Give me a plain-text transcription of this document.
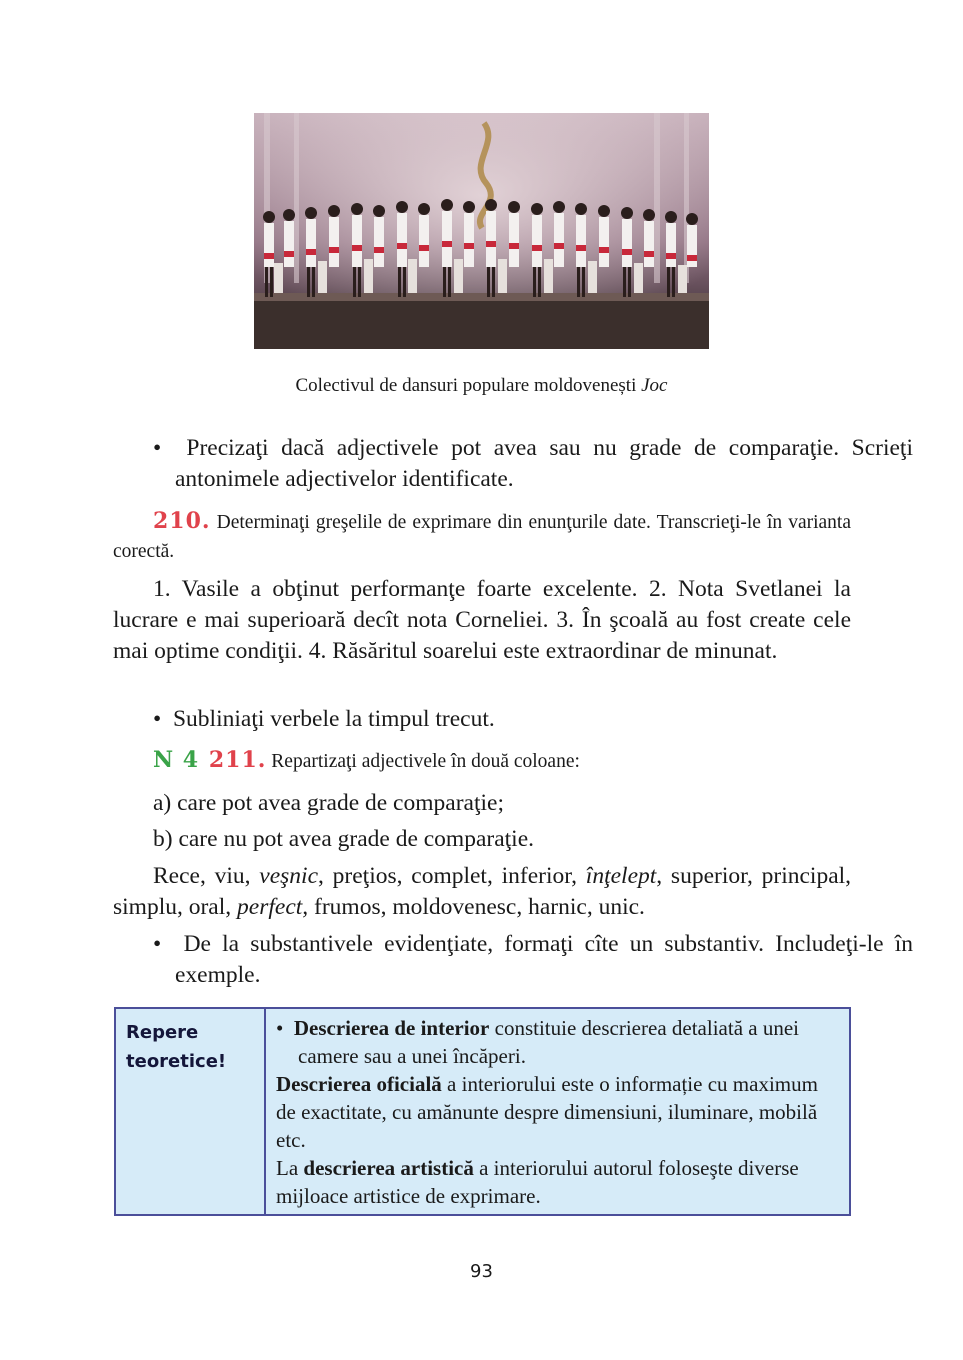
Colectivul de dansuri populare moldovenești Joc
•  Precizaţi dacă adjectivele pot avea sau nu grade de comparaţie. Scrieţi antonimele adjectivelor identificate.
210. Determinaţi greşelile de exprimare din enunţurile date. Transcrieţi-le în varianta corectă.
1. Vasile a obţinut performanţe foarte excelente. 2. Nota Svetlanei la lucrare e mai superioară decît nota Corneliei. 3. În şcoală au fost create cele mai optime condiţii. 4. Răsăritul soarelui este extraordinar de minunat.
•  Subliniaţi verbele la timpul trecut.
N 4 211. Repartizaţi adjectivele în două coloane:
a) care pot avea grade de comparaţie;
b) care nu pot avea grade de comparaţie.
Rece, viu, veşnic, preţios, complet, inferior, înţelept, superior, principal, simplu, oral, perfect, frumos, moldovenesc, harnic, unic.
•  De la substantivele evidenţiate, formaţi cîte un substantiv. Includeţi-le în exemple.
Repere teoretice!
•  Descrierea de interior constituie descrierea detaliată a unei camere sau a unei încăperi.
Descrierea oficială a interiorului este o informație cu maximum de exactitate, cu amănunte despre dimensiuni, iluminare, mobilă etc.
La descrierea artistică a interiorului autorul foloseşte diverse mijloace artistice de exprimare.
93
